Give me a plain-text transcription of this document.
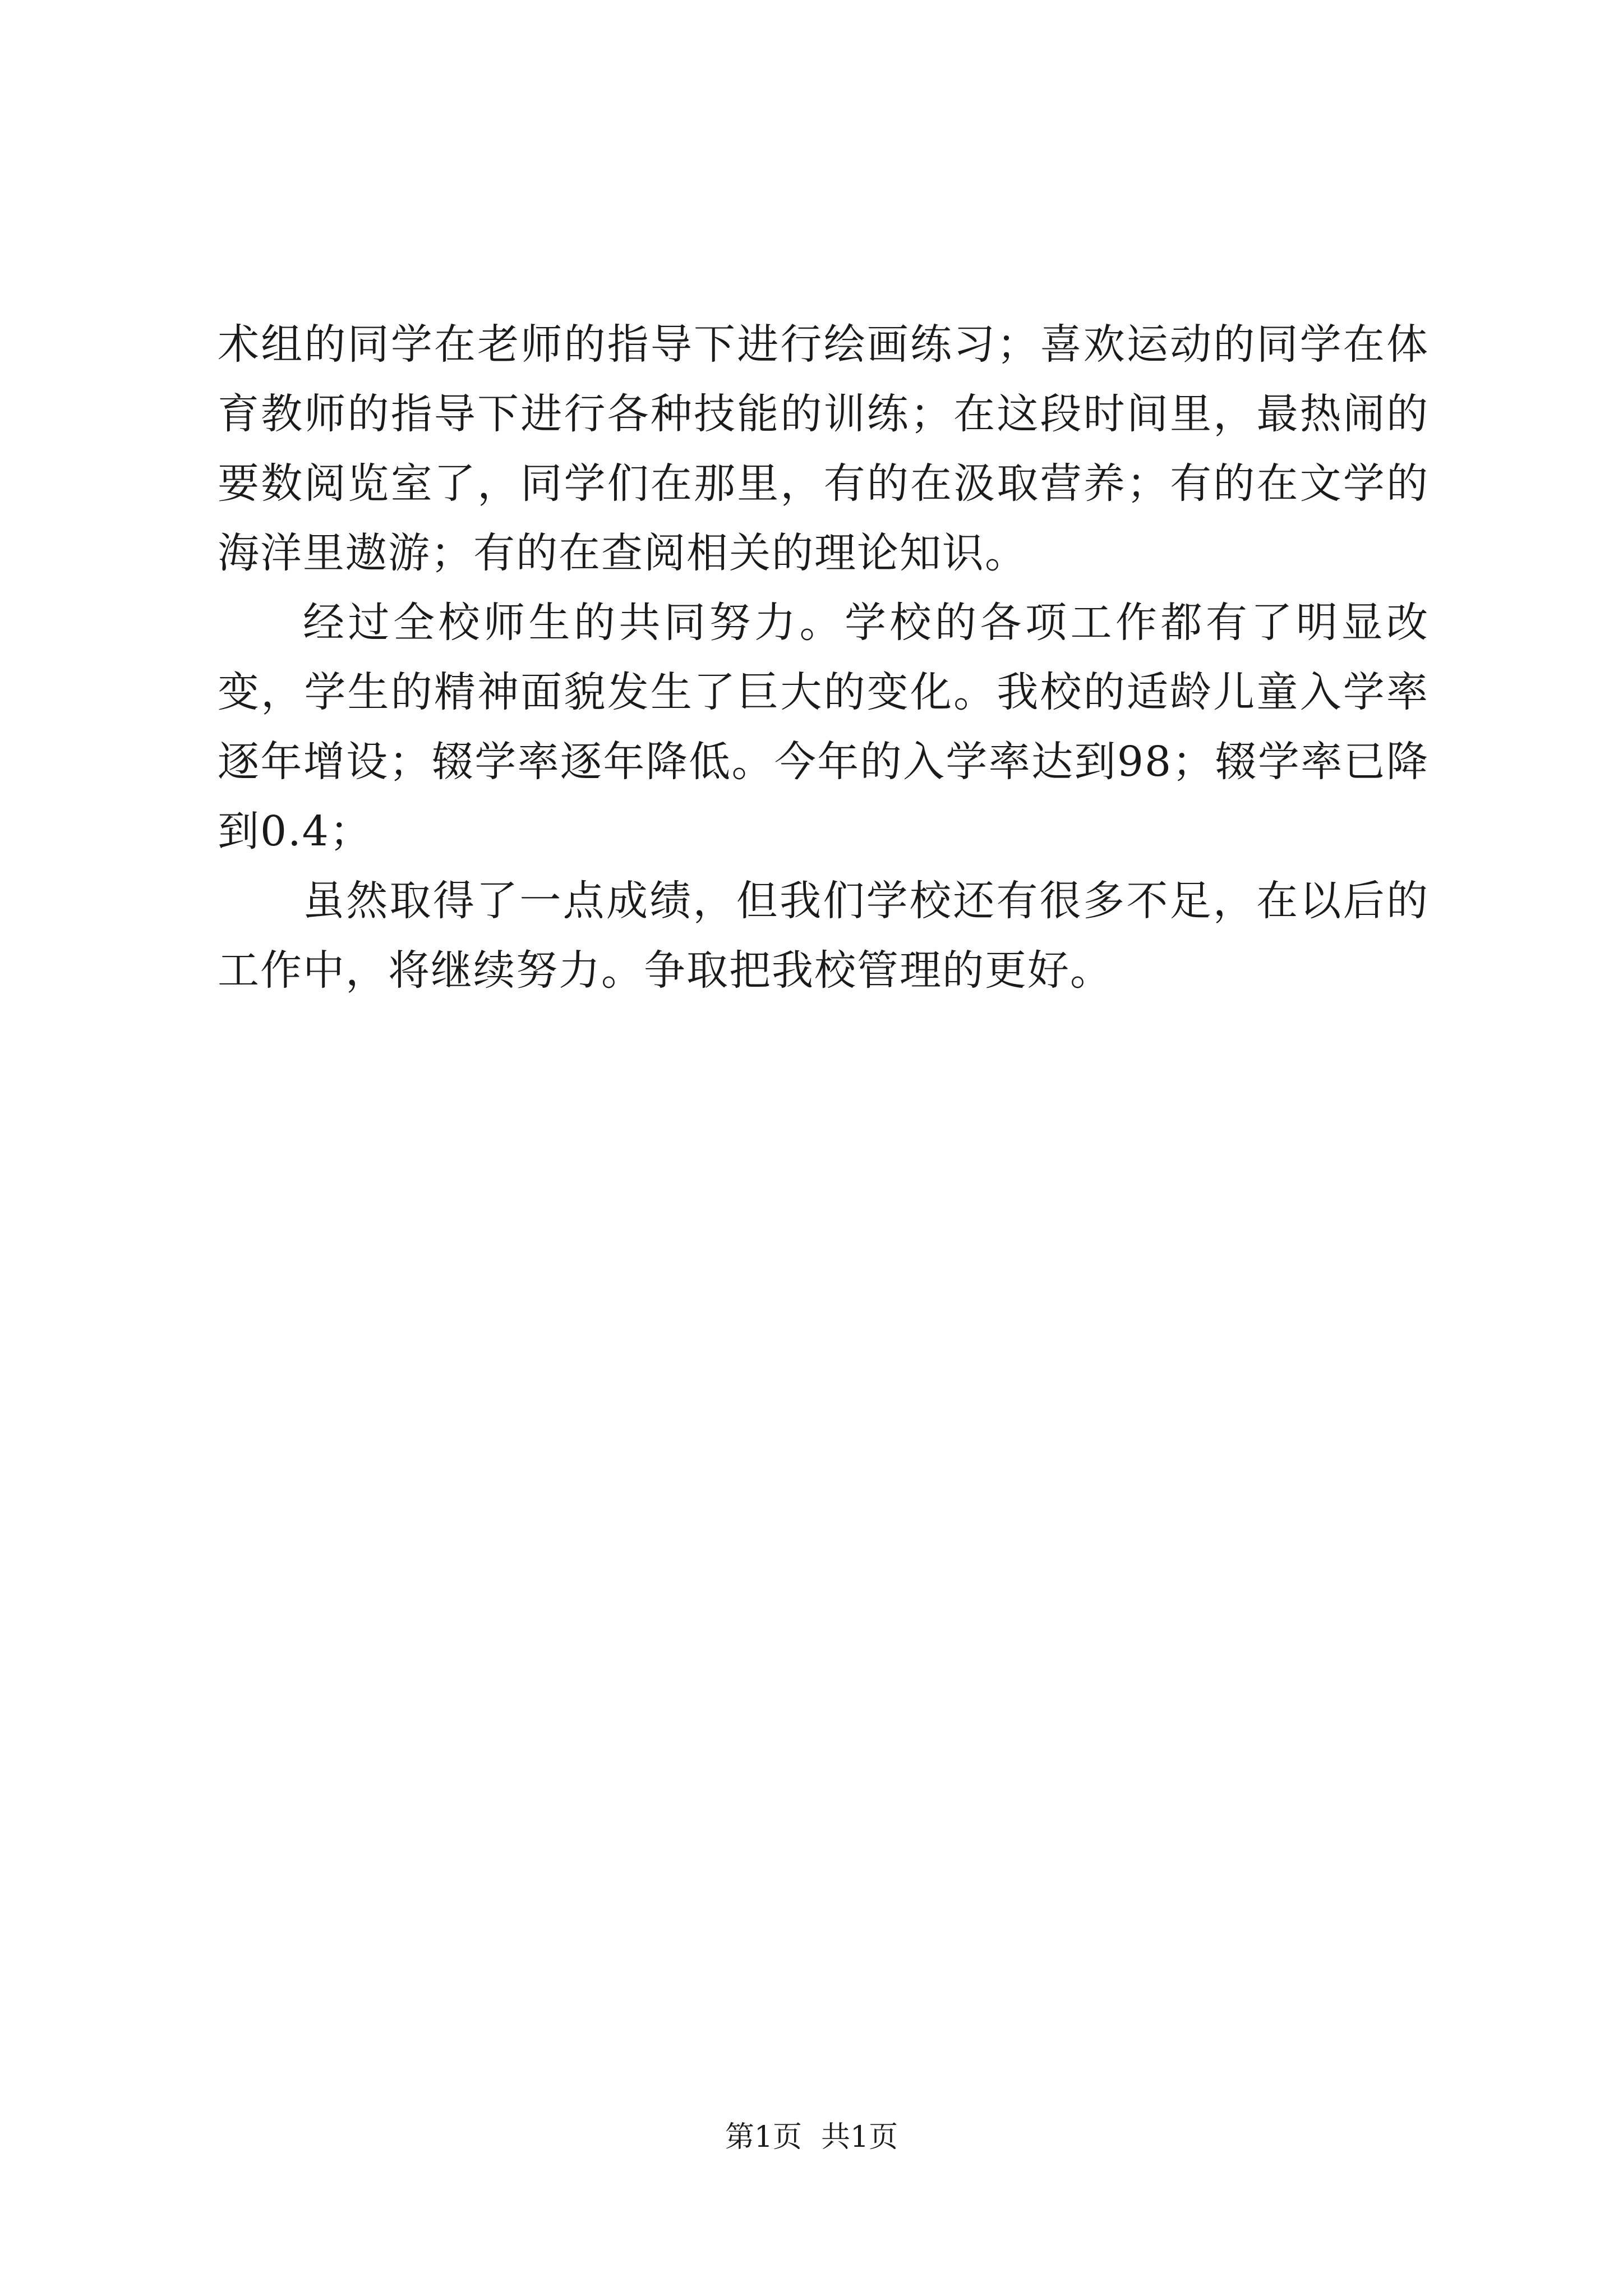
术组的同学在老师的指导下进行绘画练习；喜欢运动的同学在体育教师的指导下进行各种技能的训练；在这段时间里，最热闹的要数阅览室了，同学们在那里，有的在汲取营养；有的在文学的海洋里遨游；有的在查阅相关的理论知识。

经过全校师生的共同努力。学校的各项工作都有了明显改变，学生的精神面貌发生了巨大的变化。我校的适龄儿童入学率逐年增设；辍学率逐年降低。今年的入学率达到98；辍学率已降到0.4；

虽然取得了一点成绩，但我们学校还有很多不足，在以后的工作中，将继续努力。争取把我校管理的更好。

第1页 共1页
